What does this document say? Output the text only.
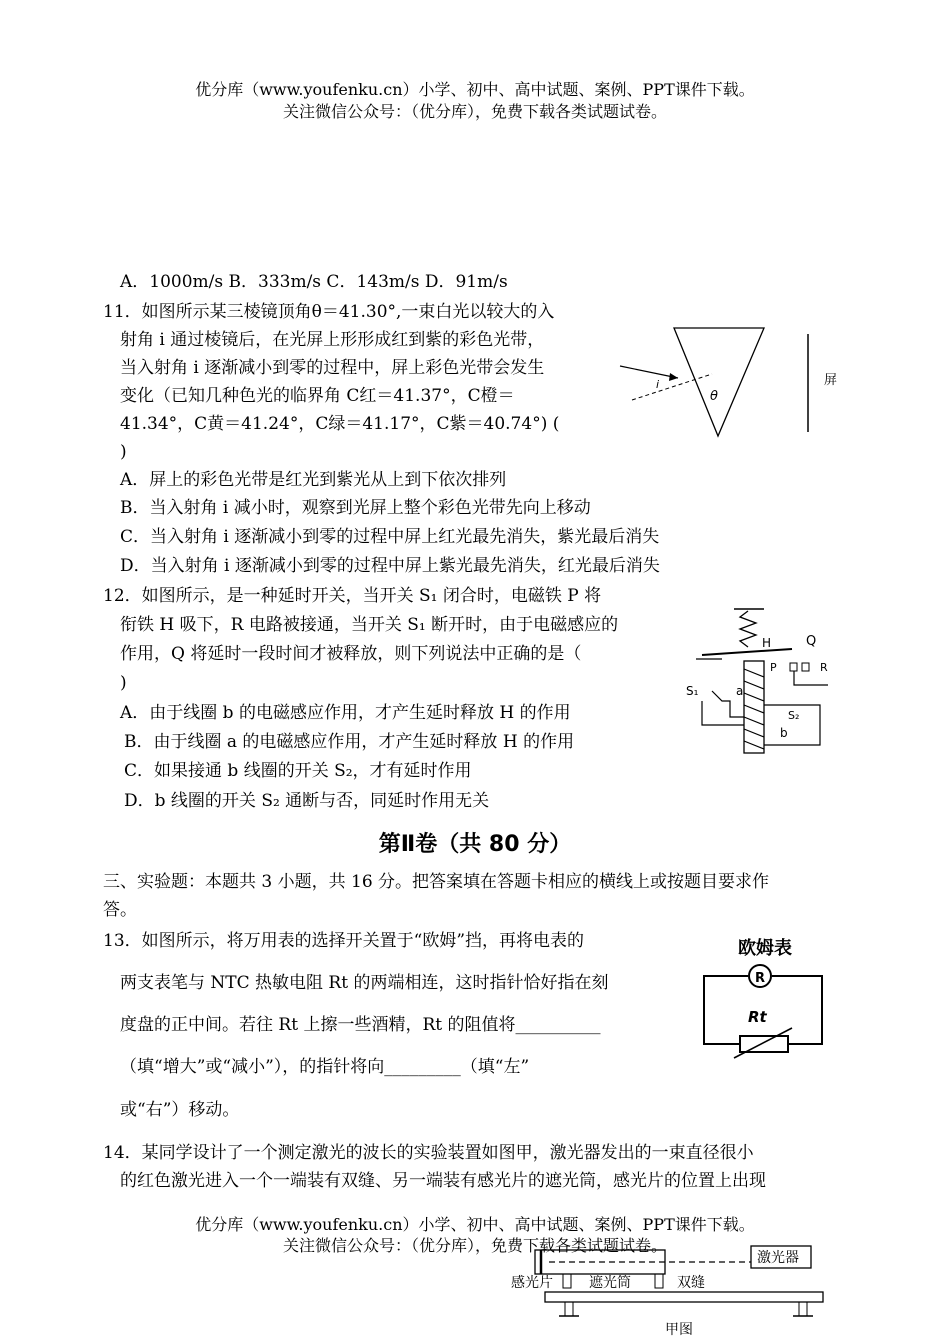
优分库（www.youfenku.cn）小学、初中、高中试题、案例、PPT课件下载。
关注微信公众号：（优分库），免费下载各类试题试卷。
A．1000m/s B．333m/s C．143m/s D．91m/s
11．如图所示某三棱镜顶角θ＝41.30°,一束白光以较大的入
射角 i 通过棱镜后，在光屏上形形成红到紫的彩色光带，
当入射角 i 逐渐减小到零的过程中，屏上彩色光带会发生
变化（已知几种色光的临界角 C红＝41.37°，C橙＝
41.34°，C黄＝41.24°，C绿＝41.17°，C紫＝40.74°) (
)
A．屏上的彩色光带是红光到紫光从上到下依次排列
B．当入射角 i 减小时，观察到光屏上整个彩色光带先向上移动
C．当入射角 i 逐渐减小到零的过程中屏上红光最先消失，紫光最后消失
D．当入射角 i 逐渐减小到零的过程中屏上紫光最先消失，红光最后消失
θ
i	屏
12．如图所示，是一种延时开关，当开关 S₁ 闭合时，电磁铁 P 将
衔铁 H 吸下，R 电路被接通，当开关 S₁ 断开时，由于电磁感应的
作用，Q 将延时一段时间才被释放，则下列说法中正确的是（
)
A．由于线圈 b 的电磁感应作用，才产生延时释放 H 的作用
B．由于线圈 a 的电磁感应作用，才产生延时释放 H 的作用
C．如果接通 b 线圈的开关 S₂，才有延时作用
D．b 线圈的开关 S₂ 通断与否，同延时作用无关
H	Q
P	R
S₁	a
S₂
b
第Ⅱ卷（共 80 分）
三、实验题：本题共 3 小题，共 16 分。把答案填在答题卡相应的横线上或按题目要求作
答。
13．如图所示，将万用表的选择开关置于“欧姆”挡，再将电表的
两支表笔与 NTC 热敏电阻 Rt 的两端相连，这时指针恰好指在刻
度盘的正中间。若往 Rt 上擦一些酒精，Rt 的阻值将__________
（填“增大”或“减小”），的指针将向_________（填“左”
或“右”）移动。
欧姆表
R
Rt
14．某同学设计了一个测定激光的波长的实验装置如图甲，激光器发出的一束直径很小
的红色激光进入一个一端装有双缝、另一端装有感光片的遮光筒，感光片的位置上出现
优分库（www.youfenku.cn）小学、初中、高中试题、案例、PPT课件下载。
关注微信公众号：（优分库），免费下载各类试题试卷。
激光器
感光片	遮光筒	双缝
甲图
